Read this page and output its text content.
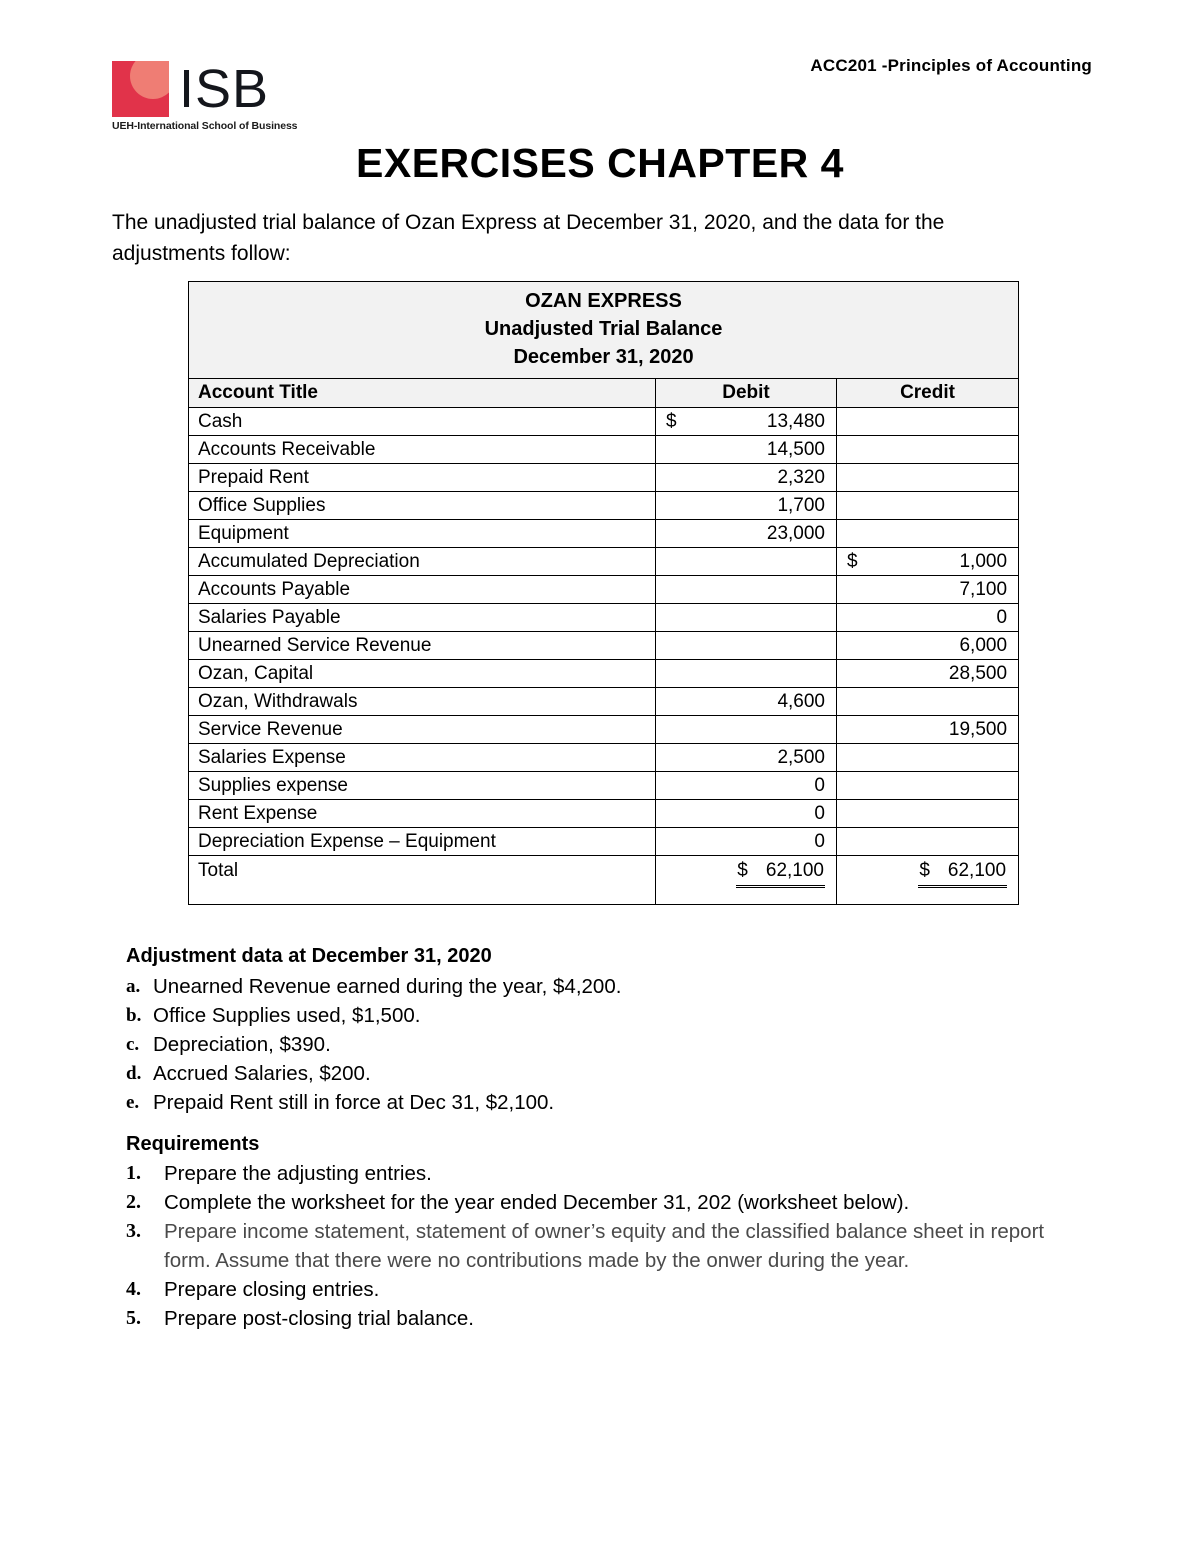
ACC201 -Principles of Accounting
ISB
UEH-International School of Business
EXERCISES CHAPTER 4
The unadjusted trial balance of Ozan Express at December 31, 2020, and the data for the adjustments follow:
OZAN EXPRESS
Unadjusted Trial Balance
December 31, 2020		

Account Title	Debit	Credit
Cash	$ 13,480	
Accounts Receivable	14,500	
Prepaid Rent	2,320	
Office Supplies	1,700	
Equipment	23,000	
Accumulated Depreciation		$ 1,000
Accounts Payable		7,100
Salaries Payable		0
Unearned Service Revenue		6,000
Ozan, Capital		28,500
Ozan, Withdrawals	4,600	
Service Revenue		19,500
Salaries Expense	2,500	
Supplies expense	0	
Rent Expense	0	
Depreciation Expense – Equipment	0	
Total	$ 62,100	$ 62,100
Adjustment data at December 31, 2020
a. Unearned Revenue earned during the year, $4,200.
b. Office Supplies used, $1,500.
c. Depreciation, $390.
d. Accrued Salaries, $200.
e. Prepaid Rent still in force at Dec 31, $2,100.
Requirements
1.	Prepare the adjusting entries.
2.	Complete the worksheet for the year ended December 31, 202 (worksheet below).
3.	Prepare income statement, statement of owner’s equity and the classified balance sheet in report form. Assume that there were no contributions made by the onwer during the year.
4.	Prepare closing entries.
5.	Prepare post-closing trial balance.
